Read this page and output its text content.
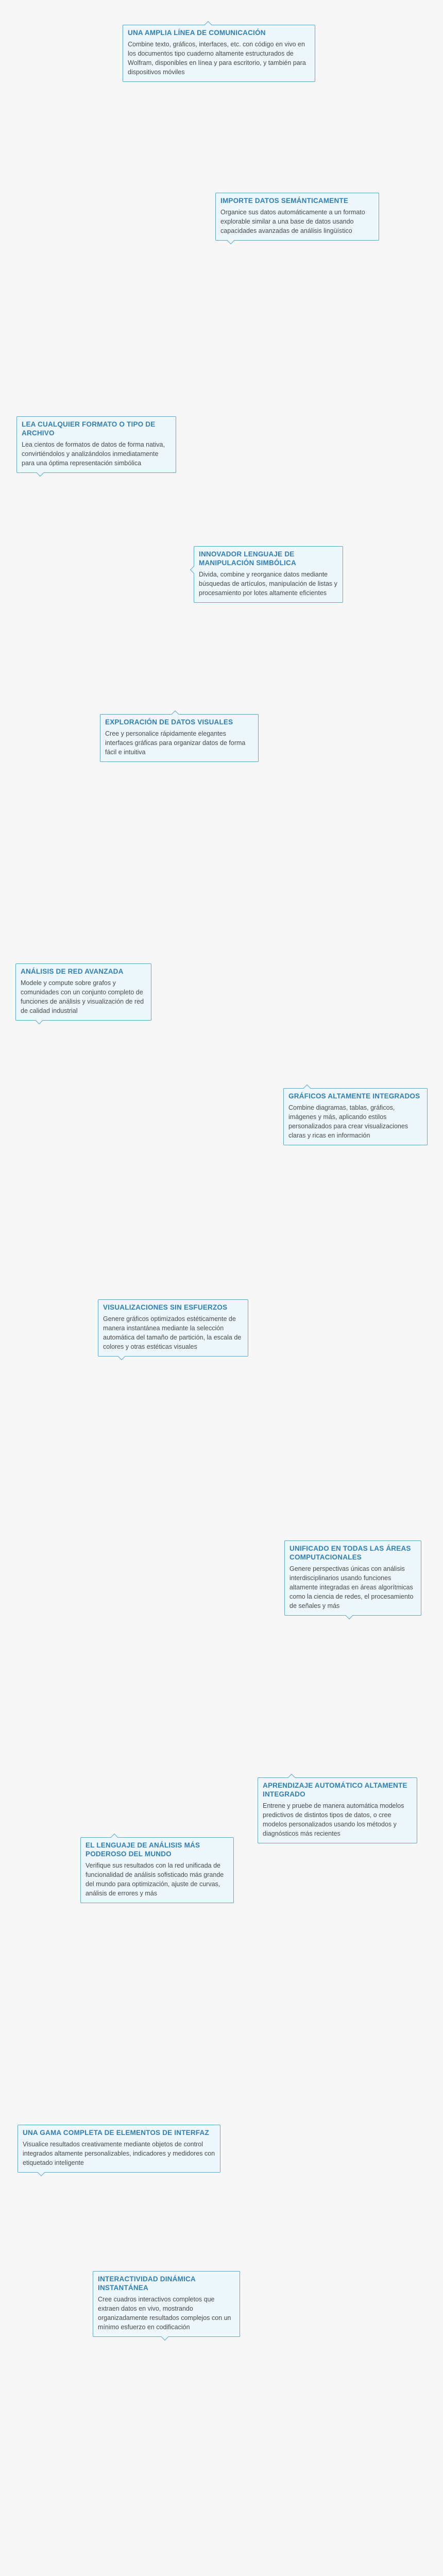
UNA AMPLIA LÍNEA DE COMUNICACIÓN
Combine texto, gráficos, interfaces, etc. con código en vivo en los documentos tipo cuaderno altamente estructurados de Wolfram, disponibles en línea y para escritorio, y también para dispositivos móviles
IMPORTE DATOS SEMÁNTICAMENTE
Organice sus datos automáticamente a un formato explorable similar a una base de datos usando capacidades avanzadas de análisis lingüístico
LEA CUALQUIER FORMATO O TIPO DE ARCHIVO
Lea cientos de formatos de datos de forma nativa, convirtiéndolos y analizándolos inmediatamente para una óptima representación simbólica
INNOVADOR LENGUAJE DE MANIPULACIÓN SIMBÓLICA
Divida, combine y reorganice datos mediante búsquedas de artículos, manipulación de listas y procesamiento por lotes altamente eficientes
EXPLORACIÓN DE DATOS VISUALES
Cree y personalice rápidamente elegantes interfaces gráficas para organizar datos de forma fácil e intuitiva
ANÁLISIS DE RED AVANZADA
Modele y compute sobre grafos y comunidades con un conjunto completo de funciones de análisis y visualización de red de calidad industrial
GRÁFICOS ALTAMENTE INTEGRADOS
Combine diagramas, tablas, gráficos, imágenes y más, aplicando estilos personalizados para crear visualizaciones claras y ricas en información
VISUALIZACIONES SIN ESFUERZOS
Genere gráficos optimizados estéticamente de manera instantánea mediante la selección automática del tamaño de partición, la escala de colores y otras estéticas visuales
UNIFICADO EN TODAS LAS ÁREAS COMPUTACIONALES
Genere perspectivas únicas con análisis interdisciplinarios usando funciones altamente integradas en áreas algorítmicas como la ciencia de redes, el procesamiento de señales y más
APRENDIZAJE AUTOMÁTICO ALTAMENTE INTEGRADO
Entrene y pruebe de manera automática modelos predictivos de distintos tipos de datos, o cree modelos personalizados usando los métodos y diagnósticos más recientes
EL LENGUAJE DE ANÁLISIS MÁS PODEROSO DEL MUNDO
Verifique sus resultados con la red unificada de funcionalidad de análisis sofisticado más grande del mundo para optimización, ajuste de curvas, análisis de errores y más
UNA GAMA COMPLETA DE ELEMENTOS DE INTERFAZ
Visualice resultados creativamente mediante objetos de control integrados altamente personalizables, indicadores y medidores con etiquetado inteligente
INTERACTIVIDAD DINÁMICA INSTANTÁNEA
Cree cuadros interactivos completos que extraen datos en vivo, mostrando organizadamente resultados complejos con un mínimo esfuerzo en codificación
